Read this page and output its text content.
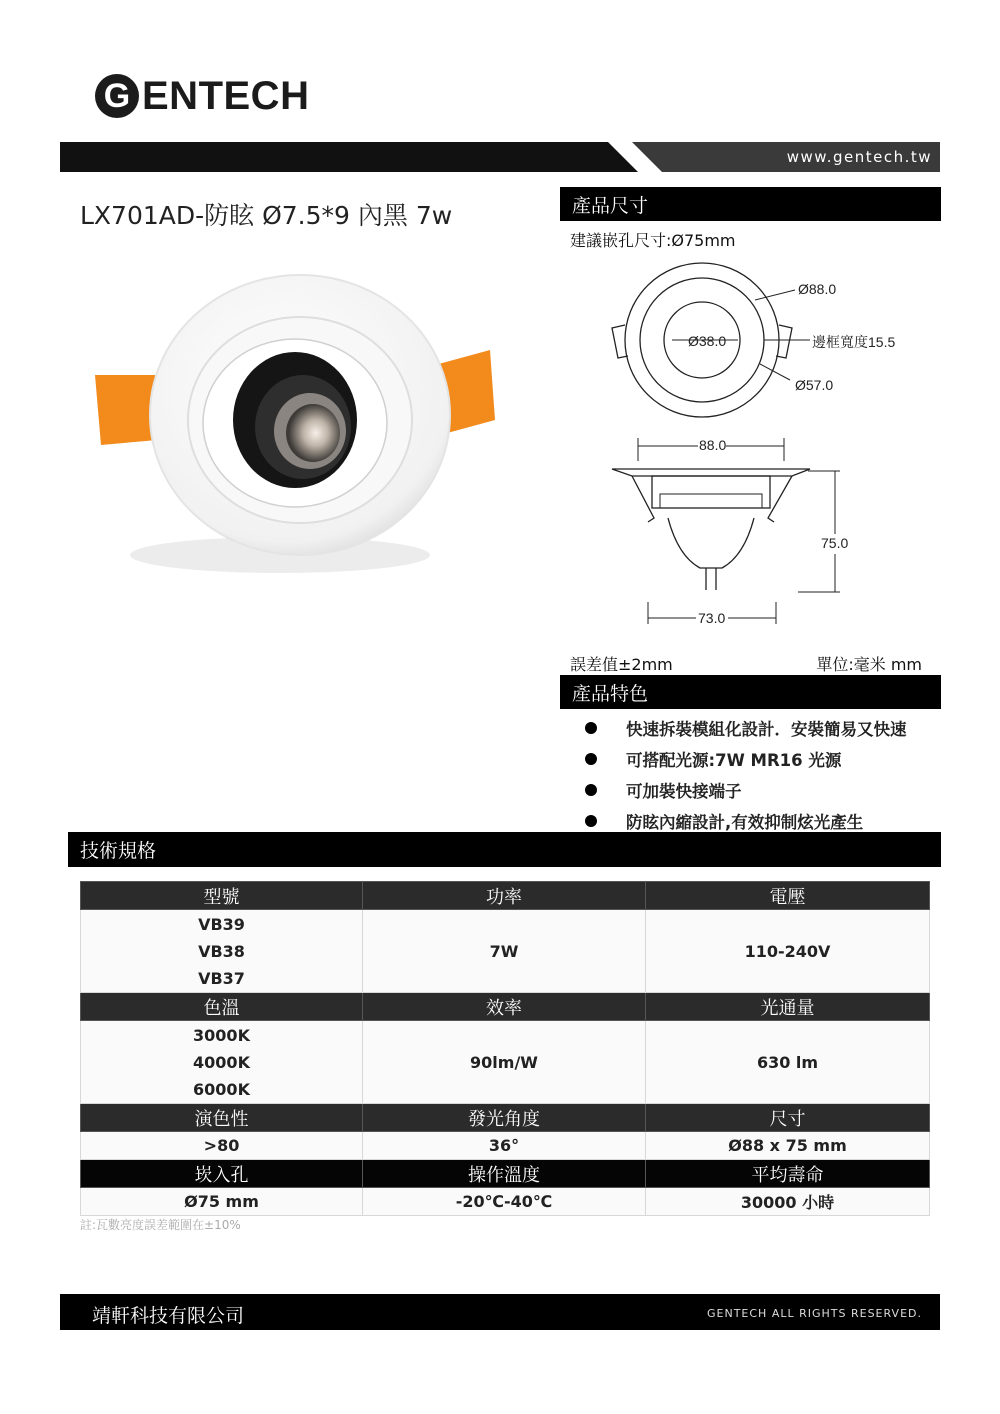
G ENTECH
www.gentech.tw
LX701AD-防眩 Ø7.5*9 內黑 7w	產品尺寸
建議嵌孔尺寸:Ø75mm
Ø88.0
Ø38.0	邊框寬度15.5
Ø57.0
88.0
75.0
73.0
誤差值±2mm	單位:毫米 mm
產品特色
快速拆裝模組化設計．安裝簡易又快速
可搭配光源:7W MR16 光源
可加裝快接端子
防眩內縮設計,有效抑制炫光產生
技術規格
型號	功率	電壓

VB39
VB38
VB37	7W	110-240V
色溫	效率	光通量

3000K
4000K
6000K	90lm/W	630 lm
演色性	發光角度	尺寸
>80	36°	Ø88 x 75 mm
崁入孔	操作溫度	平均壽命
Ø75 mm	-20℃-40℃	30000 小時
註:瓦數亮度誤差範圍在±10%
靖軒科技有限公司	GENTECH ALL RIGHTS RESERVED.
